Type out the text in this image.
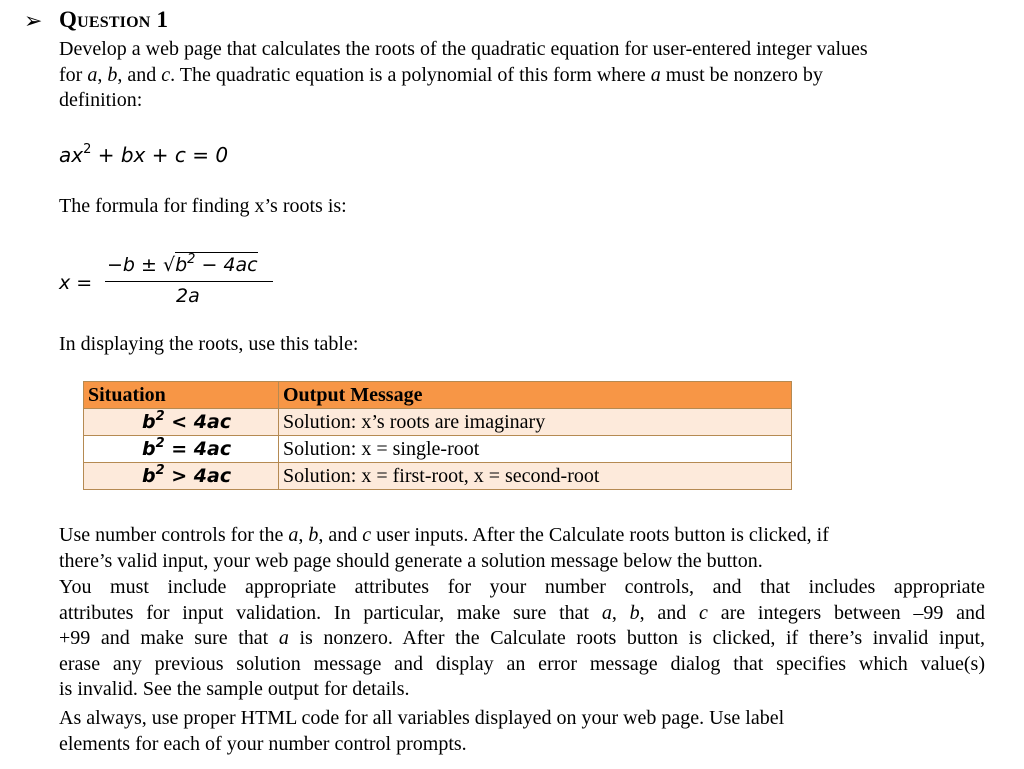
➢ Question 1
Develop a web page that calculates the roots of the quadratic equation for user-entered integer values
for a, b, and c. The quadratic equation is a polynomial of this form where a must be nonzero by
definition:
$ax^2$ + bx + c = 0
The formula for finding x’s roots is:
x =
$-b \pm √b^2 - 4ac$
2a
In displaying the roots, use this table:
Situation	Output Message
$b^2 < 4ac$	Solution: x’s roots are imaginary
$b^2 = 4ac$	Solution: x = single-root
$b^2 > 4ac$	Solution: x = first-root, x = second-root
Use number controls for the a, b, and c user inputs. After the Calculate roots button is clicked, if
there’s valid input, your web page should generate a solution message below the button.
You must include appropriate attributes for your number controls, and that includes appropriate
attributes for input validation. In particular, make sure that a, b, and c are integers between –99 and
+99 and make sure that a is nonzero. After the Calculate roots button is clicked, if there’s invalid input,
erase any previous solution message and display an error message dialog that specifies which value(s)
is invalid. See the sample output for details.
As always, use proper HTML code for all variables displayed on your web page. Use label
elements for each of your number control prompts.
